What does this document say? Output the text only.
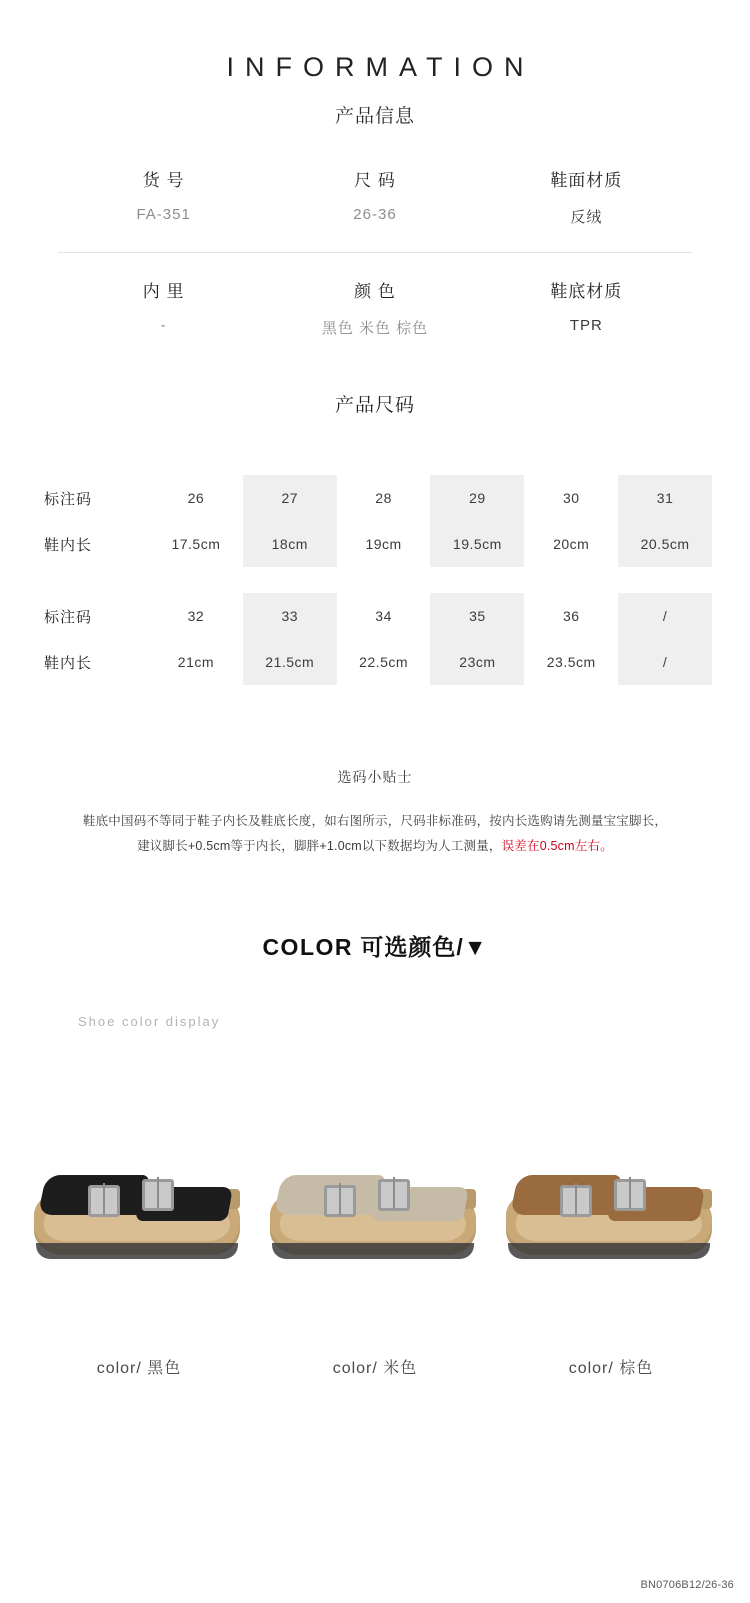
INFORMATION
产品信息
货 号
FA-351
尺 码
26-36
鞋面材质
反绒
内 里
-
颜 色
黑色 米色 棕色
鞋底材质
TPR
产品尺码
标注码	26	27	28	29	30	31
鞋内长	17.5cm	18cm	19cm	19.5cm	20cm	20.5cm

标注码	32	33	34	35	36	/
鞋内长	21cm	21.5cm	22.5cm	23cm	23.5cm	/
选码小贴士
鞋底中国码不等同于鞋子内长及鞋底长度，如右图所示，尺码非标准码，按内长选购请先测量宝宝脚长，
建议脚长+0.5cm等于内长，脚胖+1.0cm以下数据均为人工测量，误差在0.5cm左右。
COLOR 可选颜色/▼
Shoe color display
color/ 黑色	color/ 米色	color/ 棕色
BN0706B12/26-36
